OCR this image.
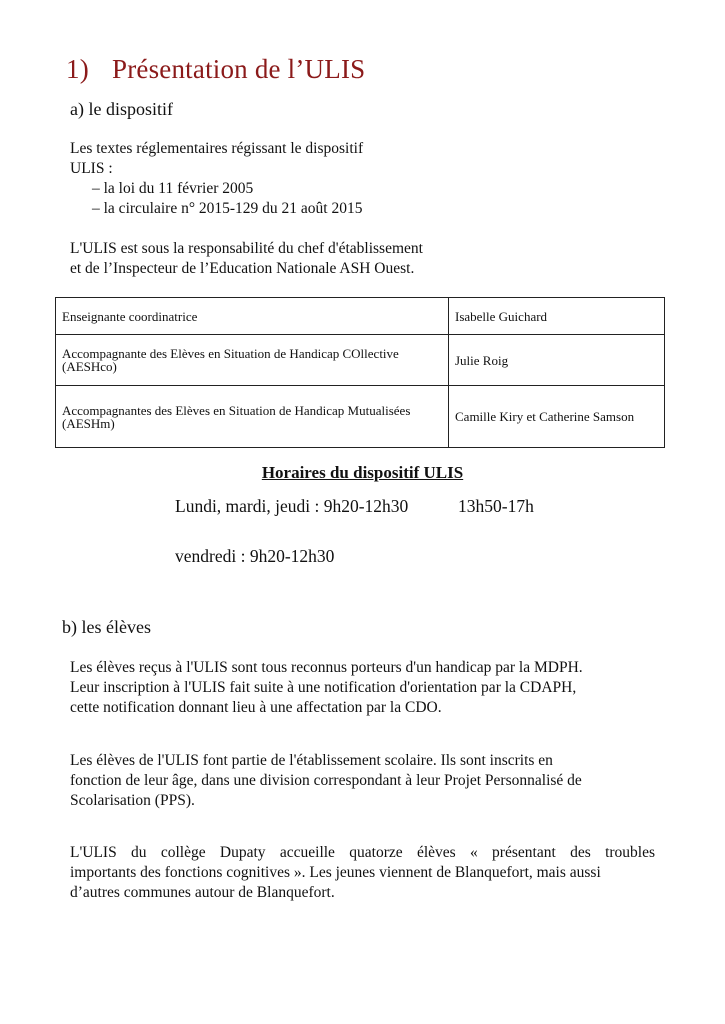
1) Présentation de l’ULIS
a) le dispositif
Les textes réglementaires régissant le dispositif
ULIS :
– la loi du 11 février 2005
– la circulaire n° 2015-129 du 21 août 2015
L'ULIS est sous la responsabilité du chef d'établissement
et de l’Inspecteur de l’Education Nationale ASH Ouest.
Enseignante coordinatrice	Isabelle Guichard
Accompagnante des Elèves en Situation de Handicap COllective (AESHco)	Julie Roig
Accompagnantes des Elèves en Situation de Handicap Mutualisées (AESHm)	Camille Kiry et Catherine Samson
Horaires du dispositif ULIS
Lundi, mardi, jeudi : 9h20-12h30	13h50-17h
vendredi : 9h20-12h30
b) les élèves
Les élèves reçus à l'ULIS sont tous reconnus porteurs d'un handicap par la MDPH.
Leur inscription à l'ULIS fait suite à une notification d'orientation par la CDAPH,
cette notification donnant lieu à une affectation par la CDO.
Les élèves de l'ULIS font partie de l'établissement scolaire. Ils sont inscrits en
fonction de leur âge, dans une division correspondant à leur Projet Personnalisé de
Scolarisation (PPS).
L'ULIS du collège Dupaty accueille quatorze élèves « présentant des troubles
importants des fonctions cognitives ». Les jeunes viennent de Blanquefort, mais aussi
d’autres communes autour de Blanquefort.
